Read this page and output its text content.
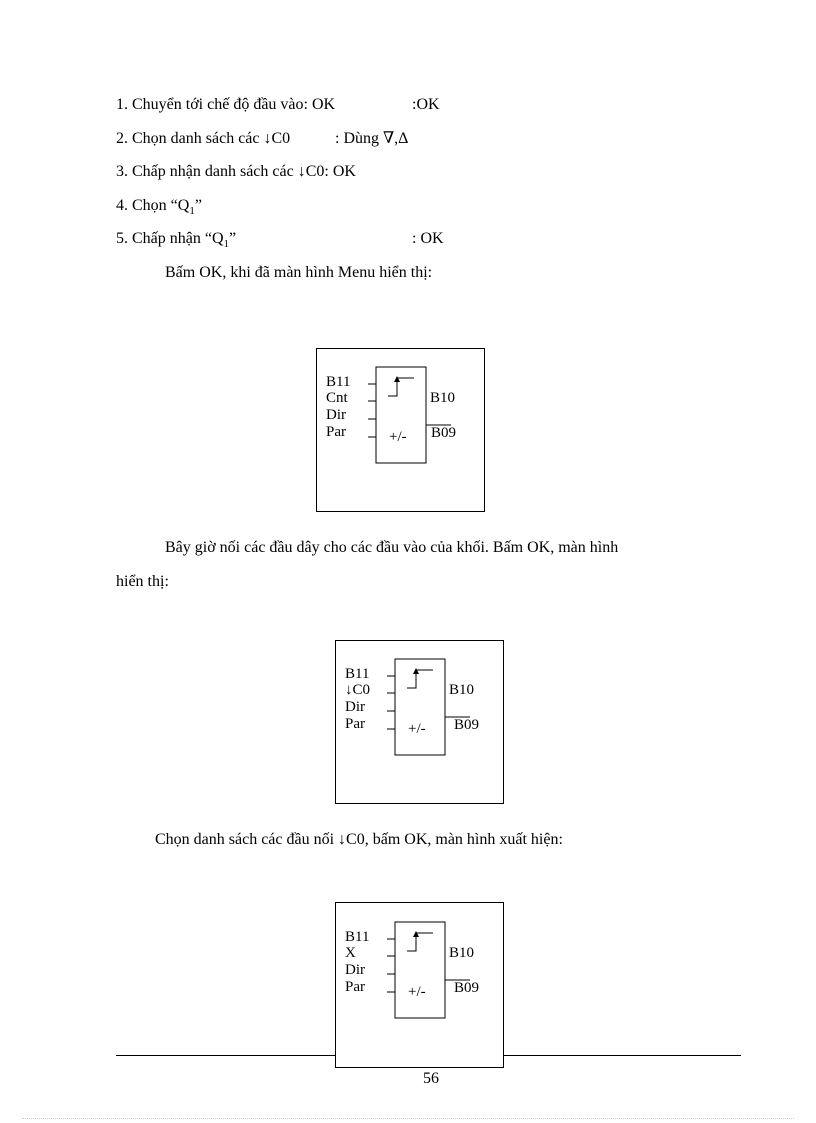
1. Chuyển tới chế độ đầu vào: OK	:OK
2. Chọn danh sách các ↓C0	: Dùng ∇,Δ
3. Chấp nhận danh sách các ↓C0: OK
4. Chọn “$Q_1$”
5. Chấp nhận “$Q_1$”	: OK
Bấm OK, khi đã màn hình Menu hiển thị:
B11
Cnt
Dir
Par	+/-
B10
B09
Bây giờ nối các đầu dây cho các đầu vào của khối. Bấm OK, màn hình
hiển thị:
B11
↓C0
Dir
Par	+/-
B10
B09
Chọn danh sách các đầu nối ↓C0, bấm OK, màn hình xuất hiện:
B11
X
Dir
Par	+/-
B10
B09
56
